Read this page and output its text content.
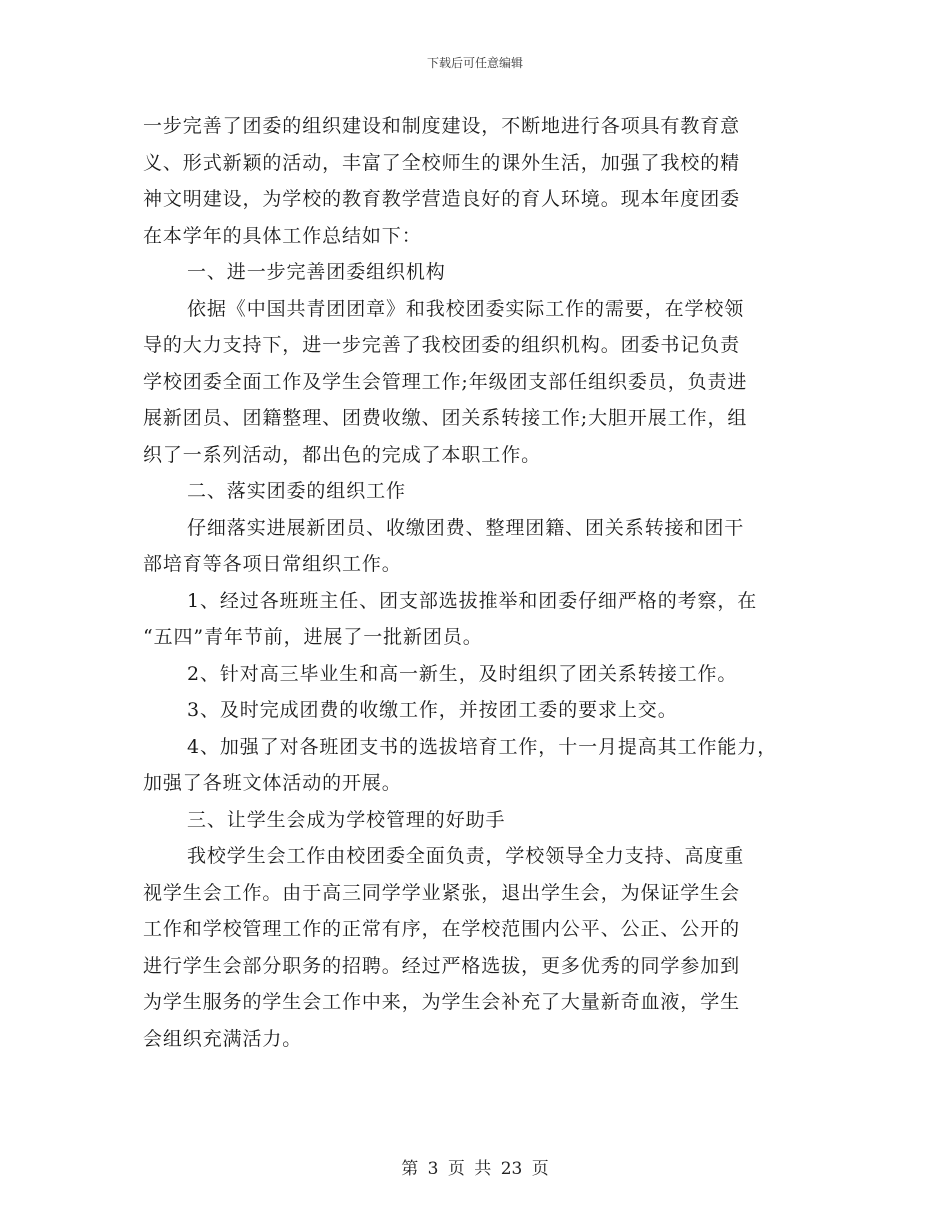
下载后可任意编辑
一步完善了团委的组织建设和制度建设，不断地进行各项具有教育意
义、形式新颖的活动，丰富了全校师生的课外生活，加强了我校的精
神文明建设，为学校的教育教学营造良好的育人环境。现本年度团委
在本学年的具体工作总结如下：
一、进一步完善团委组织机构
依据《中国共青团团章》和我校团委实际工作的需要，在学校领
导的大力支持下，进一步完善了我校团委的组织机构。团委书记负责
学校团委全面工作及学生会管理工作;年级团支部任组织委员，负责进
展新团员、团籍整理、团费收缴、团关系转接工作;大胆开展工作，组
织了一系列活动，都出色的完成了本职工作。
二、落实团委的组织工作
仔细落实进展新团员、收缴团费、整理团籍、团关系转接和团干
部培育等各项日常组织工作。
1、经过各班班主任、团支部选拔推举和团委仔细严格的考察，在
“五四”青年节前，进展了一批新团员。
2、针对高三毕业生和高一新生，及时组织了团关系转接工作。
3、及时完成团费的收缴工作，并按团工委的要求上交。
4、加强了对各班团支书的选拔培育工作，十一月提高其工作能力，
加强了各班文体活动的开展。
三、让学生会成为学校管理的好助手
我校学生会工作由校团委全面负责，学校领导全力支持、高度重
视学生会工作。由于高三同学学业紧张，退出学生会，为保证学生会
工作和学校管理工作的正常有序，在学校范围内公平、公正、公开的
进行学生会部分职务的招聘。经过严格选拔，更多优秀的同学参加到
为学生服务的学生会工作中来，为学生会补充了大量新奇血液，学生
会组织充满活力。
第 3 页 共 23 页
